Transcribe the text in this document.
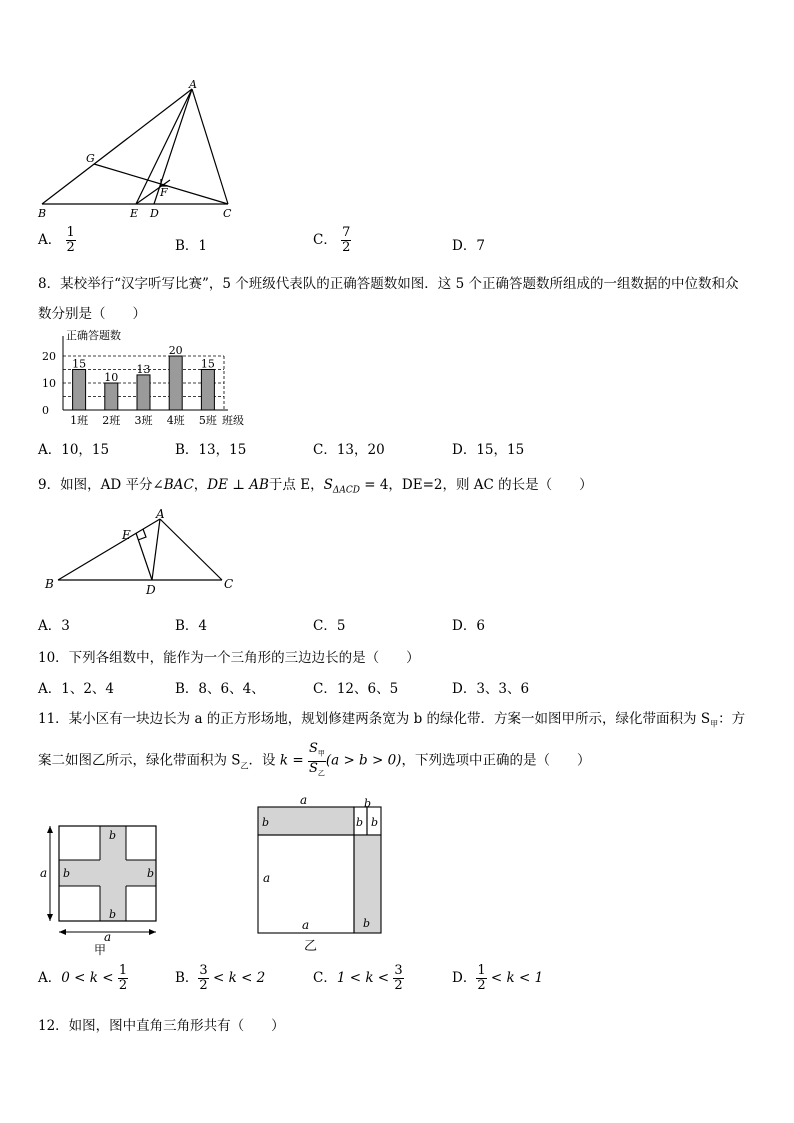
A
B	C
D
E
F
G
A． $\frac{1}{2}$	B．1	C． $\frac{7}{2}$	D．7
8．某校举行“汉字听写比赛”，5 个班级代表队的正确答题数如图．这 5 个正确答题数所组成的一组数据的中位数和众
数分别是（　　）
正确答题数
班级
15
1班
10
2班
13
3班
20
4班
15
5班
0
10
20
A．10，15	B．13，15	C．13，20	D．15，15
9．如图，AD 平分∠BAC，DE ⊥ AB于点 E，$S_{\Delta ACD} = 4$，DE=2，则 AC 的长是（　　）
A
B	C
D
E
A．3	B．4	C．5	D．6
10．下列各组数中，能作为一个三角形的三边边长的是（　　）
A．1、2、4	B．8、6、4、	C．12、6、5	D．3、3、6
11．某小区有一块边长为 a 的正方形场地，规划修建两条宽为 b 的绿化带．方案一如图甲所示，绿化带面积为 $S_甲$：方
案二如图乙所示，绿化带面积为 $S_乙$．设 $k = \frac{S_甲}{S_乙} (a > b > 0)$，下列选项中正确的是（　　）
b
b
b	b
a
a
甲
a	b
b	b b
a
a	b
乙
A．$0 < k < \frac{1}{2}$	B． $\frac{3}{2} < k < 2$	C．$1 < k < \frac{3}{2}$	D． $\frac{1}{2} < k < 1$
12．如图，图中直角三角形共有（　　）
